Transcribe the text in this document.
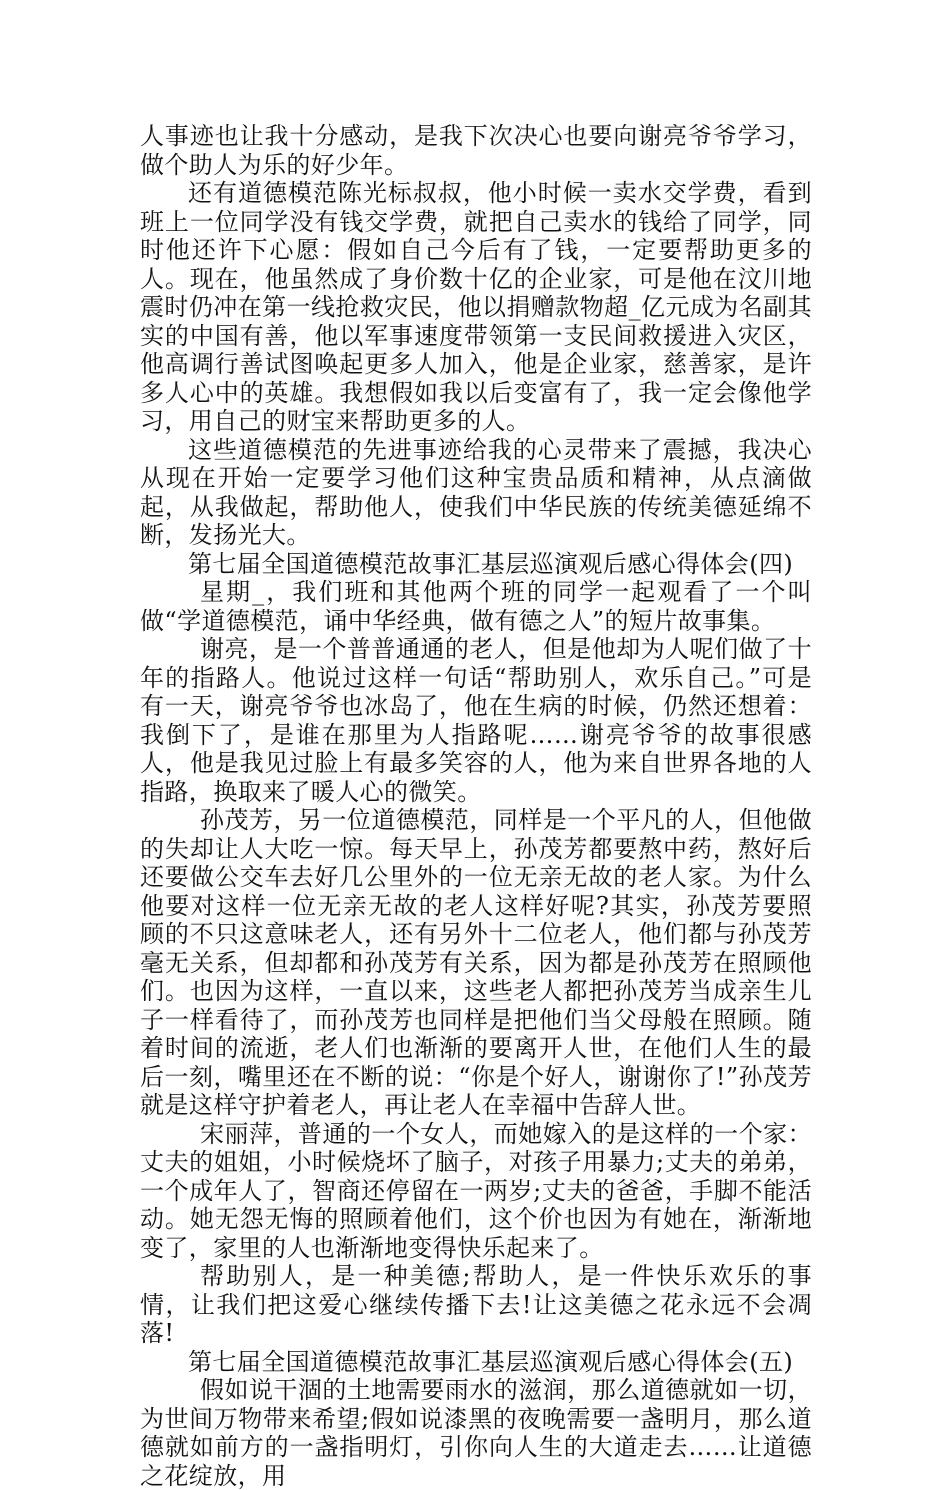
人事迹也让我十分感动，是我下次决心也要向谢亮爷爷学习，做个助人为乐的好少年。

还有道德模范陈光标叔叔，他小时候一卖水交学费，看到班上一位同学没有钱交学费，就把自己卖水的钱给了同学，同时他还许下心愿：假如自己今后有了钱，一定要帮助更多的人。现在，他虽然成了身价数十亿的企业家，可是他在汶川地震时仍冲在第一线抢救灾民，他以捐赠款物超_亿元成为名副其实的中国有善，他以军事速度带领第一支民间救援进入灾区，他高调行善试图唤起更多人加入，他是企业家，慈善家，是许多人心中的英雄。我想假如我以后变富有了，我一定会像他学习，用自己的财宝来帮助更多的人。

这些道德模范的先进事迹给我的心灵带来了震撼，我决心从现在开始一定要学习他们这种宝贵品质和精神，从点滴做起，从我做起，帮助他人，使我们中华民族的传统美德延绵不断，发扬光大。

第七届全国道德模范故事汇基层巡演观后感心得体会(四)

星期_，我们班和其他两个班的同学一起观看了一个叫做“学道德模范，诵中华经典，做有德之人”的短片故事集。

谢亮，是一个普普通通的老人，但是他却为人呢们做了十年的指路人。他说过这样一句话“帮助别人，欢乐自己。”可是有一天，谢亮爷爷也冰岛了，他在生病的时候，仍然还想着：我倒下了，是谁在那里为人指路呢……谢亮爷爷的故事很感人，他是我见过脸上有最多笑容的人，他为来自世界各地的人指路，换取来了暖人心的微笑。

孙茂芳，另一位道德模范，同样是一个平凡的人，但他做的失却让人大吃一惊。每天早上，孙茂芳都要熬中药，熬好后还要做公交车去好几公里外的一位无亲无故的老人家。为什么他要对这样一位无亲无故的老人这样好呢?其实，孙茂芳要照顾的不只这意味老人，还有另外十二位老人，他们都与孙茂芳毫无关系，但却都和孙茂芳有关系，因为都是孙茂芳在照顾他们。也因为这样，一直以来，这些老人都把孙茂芳当成亲生儿子一样看待了，而孙茂芳也同样是把他们当父母般在照顾。随着时间的流逝，老人们也渐渐的要离开人世，在他们人生的最后一刻，嘴里还在不断的说：“你是个好人，谢谢你了!”孙茂芳就是这样守护着老人，再让老人在幸福中告辞人世。

宋丽萍，普通的一个女人，而她嫁入的是这样的一个家：丈夫的姐姐，小时候烧坏了脑子，对孩子用暴力;丈夫的弟弟，一个成年人了，智商还停留在一两岁;丈夫的爸爸，手脚不能活动。她无怨无悔的照顾着他们，这个价也因为有她在，渐渐地变了，家里的人也渐渐地变得快乐起来了。

帮助别人，是一种美德;帮助人，是一件快乐欢乐的事情，让我们把这爱心继续传播下去!让这美德之花永远不会凋落!

第七届全国道德模范故事汇基层巡演观后感心得体会(五)

假如说干涸的土地需要雨水的滋润，那么道德就如一切，为世间万物带来希望;假如说漆黑的夜晚需要一盏明月，那么道德就如前方的一盏指明灯，引你向人生的大道走去……让道德之花绽放，用
